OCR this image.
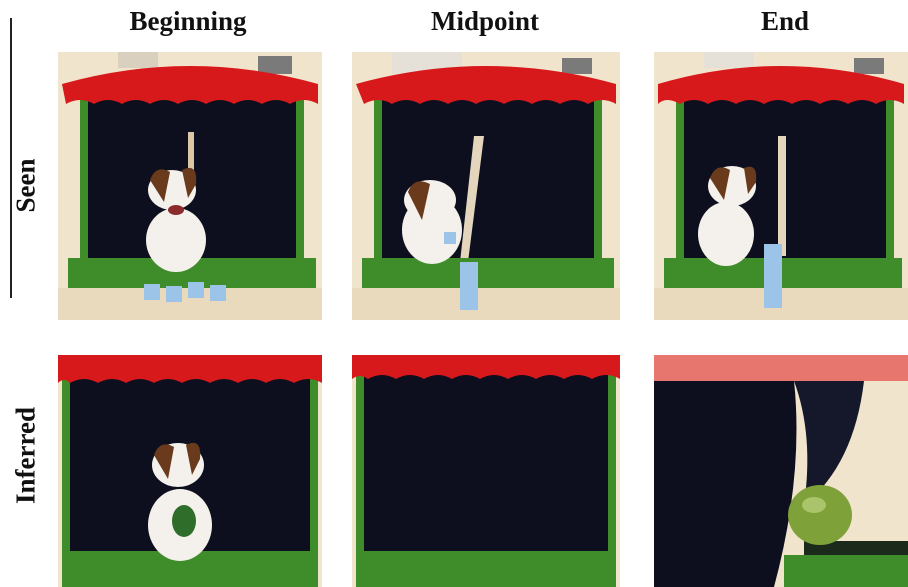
Beginning	Midpoint	End
Seen
Inferred
